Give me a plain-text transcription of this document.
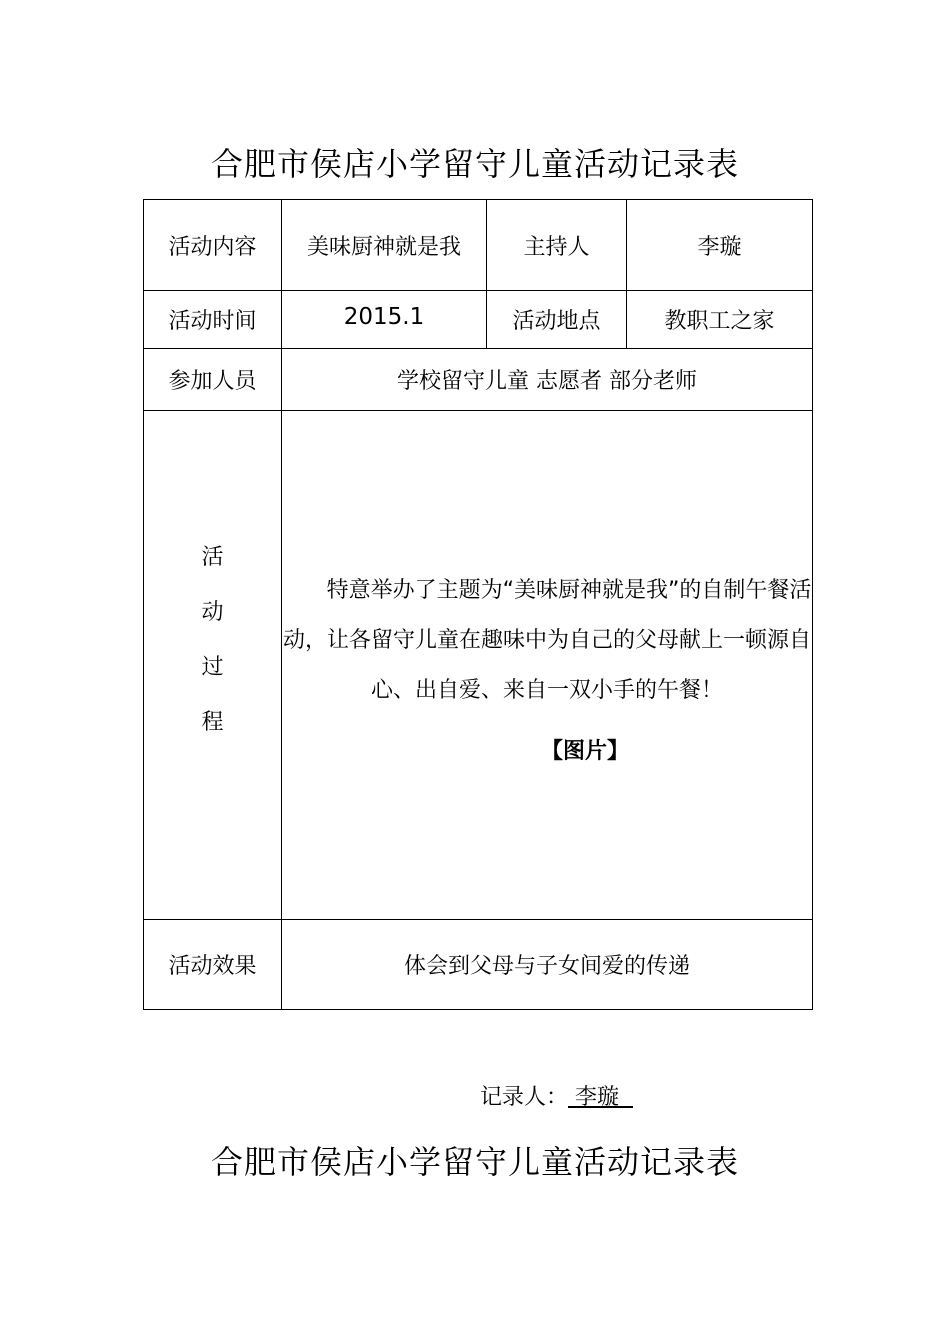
合肥市侯店小学留守儿童活动记录表
活动内容	美味厨神就是我	主持人	李璇
活动时间	2015.1	活动地点	教职工之家
参加人员	学校留守儿童 志愿者 部分老师		
活动过程	特意举办了主题为“美味厨神就是我”的自制午餐活动，让各留守儿童在趣味中为自己的父母献上一顿源自心、出自爱、来自一双小手的午餐！

【图片】		

活动效果	体会到父母与子女间爱的传递		
记录人： 李璇
合肥市侯店小学留守儿童活动记录表
